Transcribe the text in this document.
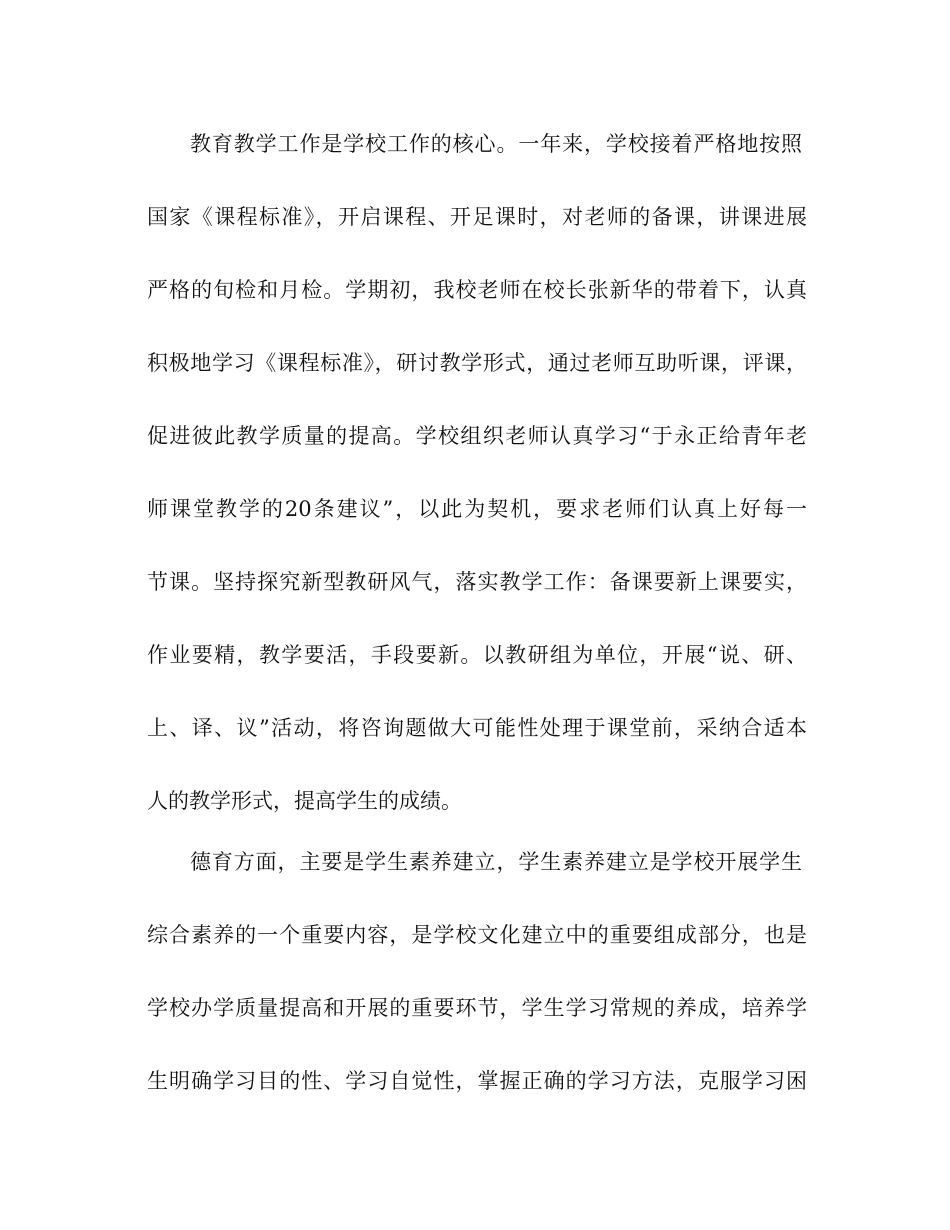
教育教学工作是学校工作的核心。一年来，学校接着严格地按照
国家《课程标准》，开启课程、开足课时，对老师的备课，讲课进展
严格的旬检和月检。学期初，我校老师在校长张新华的带着下，认真
积极地学习《课程标准》，研讨教学形式，通过老师互助听课，评课，
促进彼此教学质量的提高。学校组织老师认真学习“于永正给青年老
师课堂教学的20条建议”，以此为契机，要求老师们认真上好每一
节课。坚持探究新型教研风气，落实教学工作：备课要新上课要实，
作业要精，教学要活，手段要新。以教研组为单位，开展“说、研、
上、译、议”活动，将咨询题做大可能性处理于课堂前，采纳合适本
人的教学形式，提高学生的成绩。
德育方面，主要是学生素养建立，学生素养建立是学校开展学生
综合素养的一个重要内容，是学校文化建立中的重要组成部分，也是
学校办学质量提高和开展的重要环节，学生学习常规的养成，培养学
生明确学习目的性、学习自觉性，掌握正确的学习方法，克服学习困
